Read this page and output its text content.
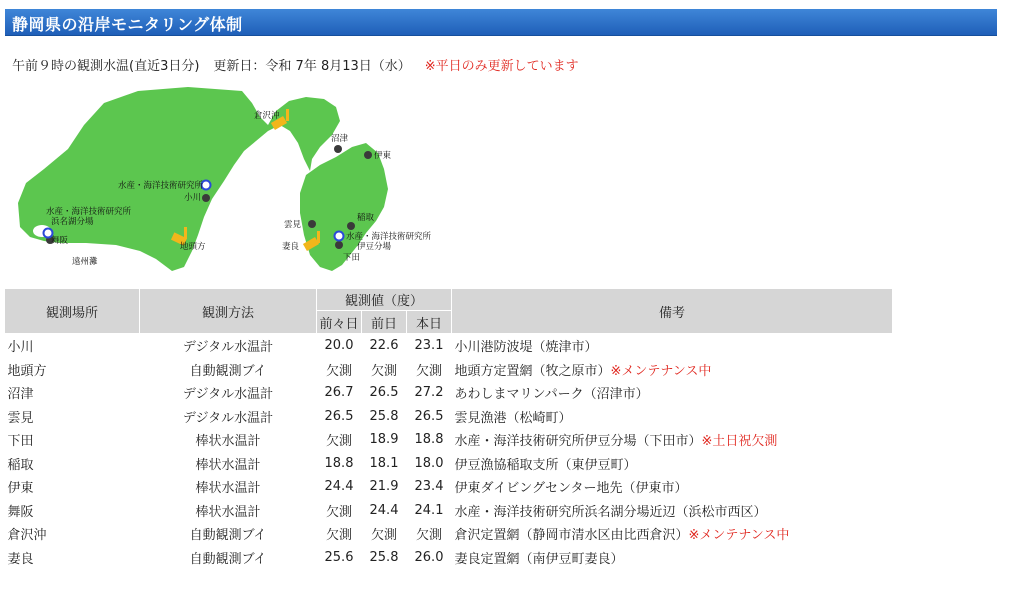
静岡県の沿岸モニタリング体制
午前９時の観測水温(直近3日分) 更新日：令和 7年 8月13日（水） ※平日のみ更新しています
倉沢沖
沼津
伊東
水産・海洋技術研究所
小川
水産・海洋技術研究所
浜名湖分場
舞阪
遠州灘
地頭方
雲見
稲取
妻良
水産・海洋技術研究所
伊豆分場
下田
観測場所	観測方法	観測値（度）			備考
		前々日	前日	本日	
小川	デジタル水温計	20.0	22.6	23.1	小川港防波堤（焼津市）
地頭方	自動観測ブイ	欠測	欠測	欠測	地頭方定置網（牧之原市）※メンテナンス中
沼津	デジタル水温計	26.7	26.5	27.2	あわしまマリンパーク（沼津市）
雲見	デジタル水温計	26.5	25.8	26.5	雲見漁港（松崎町）
下田	棒状水温計	欠測	18.9	18.8	水産・海洋技術研究所伊豆分場（下田市）※土日祝欠測
稲取	棒状水温計	18.8	18.1	18.0	伊豆漁協稲取支所（東伊豆町）
伊東	棒状水温計	24.4	21.9	23.4	伊東ダイビングセンター地先（伊東市）
舞阪	棒状水温計	欠測	24.4	24.1	水産・海洋技術研究所浜名湖分場近辺（浜松市西区）
倉沢沖	自動観測ブイ	欠測	欠測	欠測	倉沢定置網（静岡市清水区由比西倉沢）※メンテナンス中
妻良	自動観測ブイ	25.6	25.8	26.0	妻良定置網（南伊豆町妻良）
